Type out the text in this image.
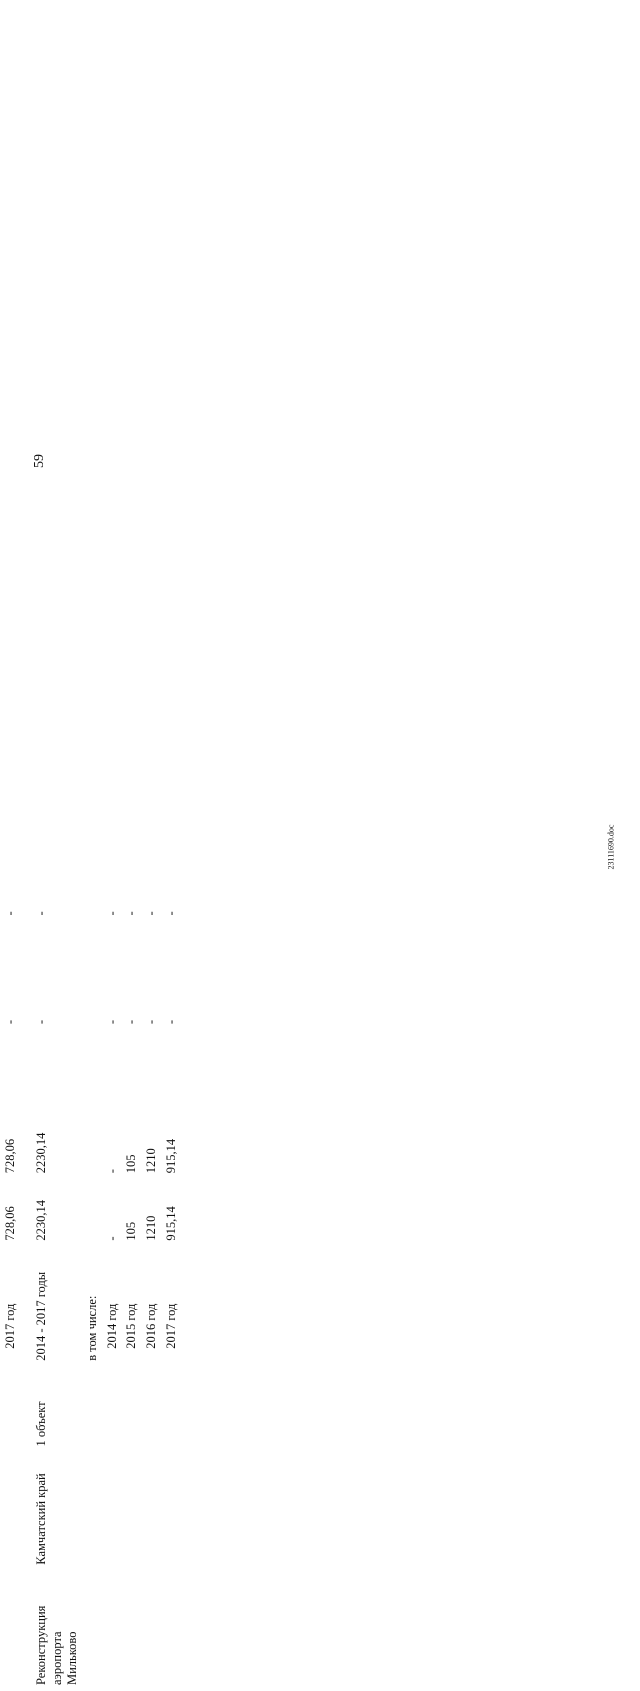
59
23111690.doc

			2017 год	728,06	728,06	-	-
Реконструкция аэропорта Мильково	Камчатский край	1 объект	2014 - 2017 годы	2230,14	2230,14	-	-
			в том числе:				
			2014 год	-	-	-	-
			2015 год	105	105	-	-
			2016 год	1210	1210	-	-
			2017 год	915,14	915,14	-	-
